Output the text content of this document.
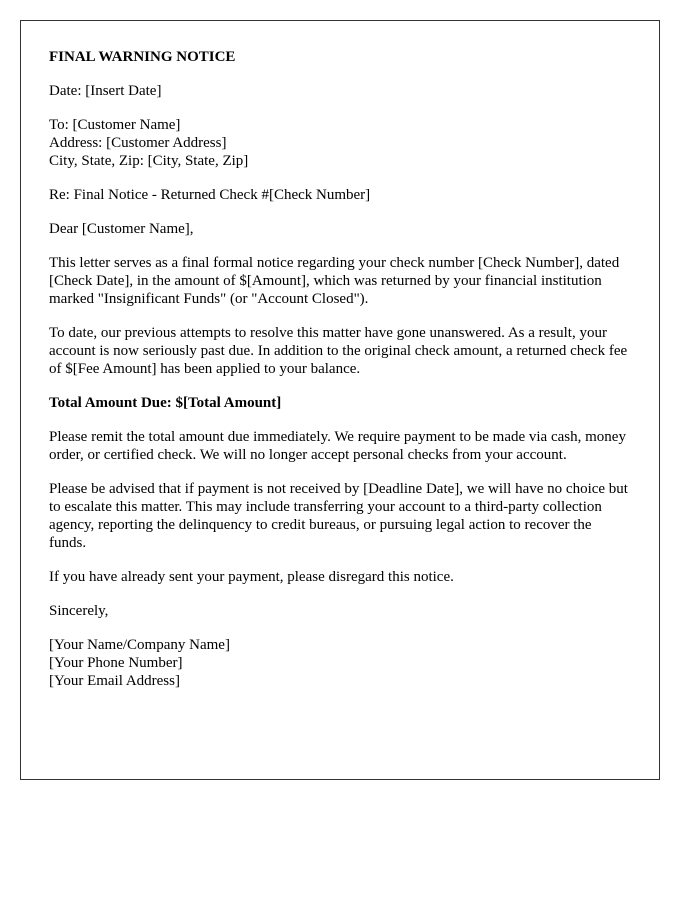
FINAL WARNING NOTICE

Date: [Insert Date]

To: [Customer Name]
Address: [Customer Address]
City, State, Zip: [City, State, Zip]

Re: Final Notice - Returned Check #[Check Number]

Dear [Customer Name],

This letter serves as a final formal notice regarding your check number [Check Number], dated [Check Date], in the amount of $[Amount], which was returned by your financial institution marked "Insignificant Funds" (or "Account Closed").

To date, our previous attempts to resolve this matter have gone unanswered. As a result, your account is now seriously past due. In addition to the original check amount, a returned check fee of $[Fee Amount] has been applied to your balance.

Total Amount Due: $[Total Amount]

Please remit the total amount due immediately. We require payment to be made via cash, money order, or certified check. We will no longer accept personal checks from your account.

Please be advised that if payment is not received by [Deadline Date], we will have no choice but to escalate this matter. This may include transferring your account to a third-party collection agency, reporting the delinquency to credit bureaus, or pursuing legal action to recover the funds.

If you have already sent your payment, please disregard this notice.

Sincerely,

[Your Name/Company Name]
[Your Phone Number]
[Your Email Address]
